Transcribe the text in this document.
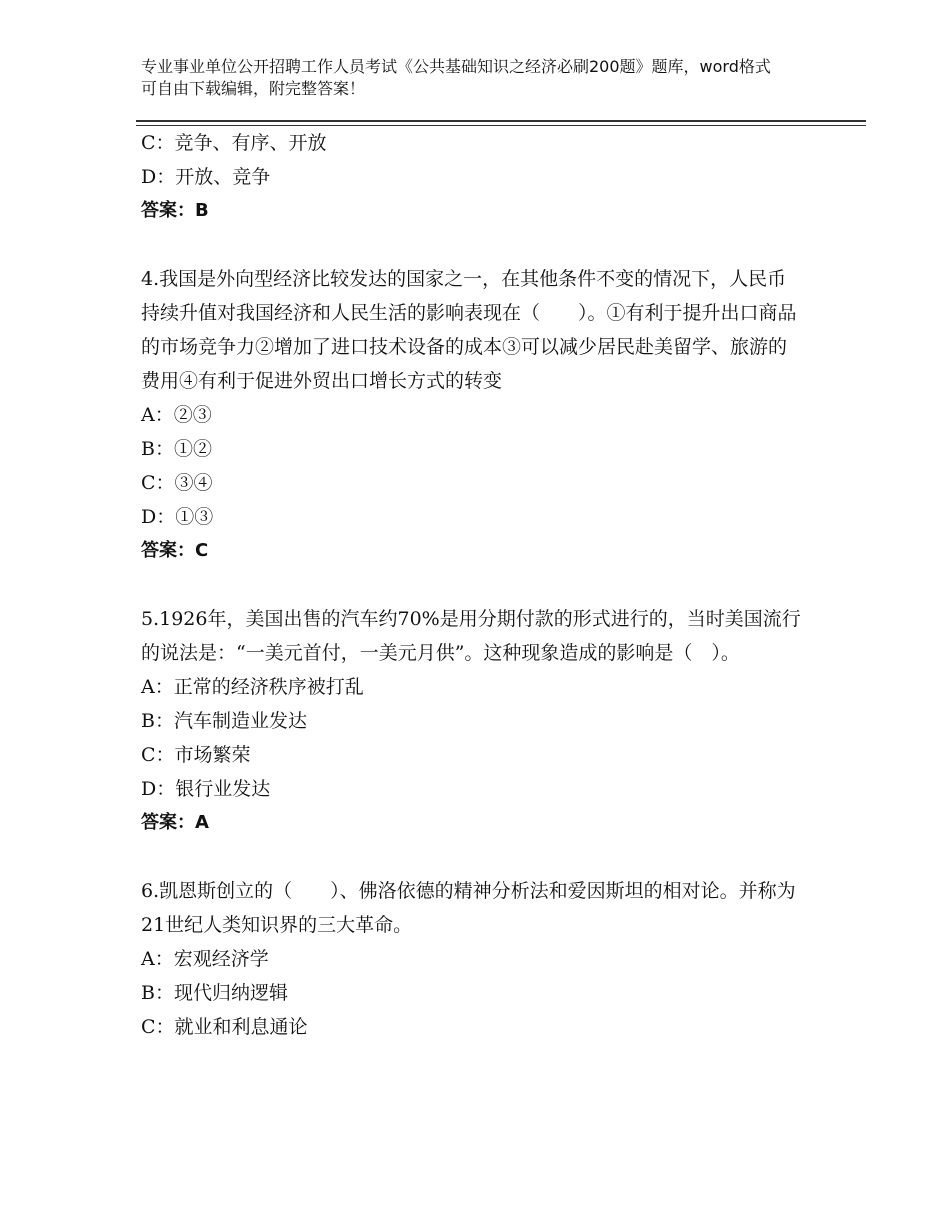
专业事业单位公开招聘工作人员考试《公共基础知识之经济必刷200题》题库，word格式可自由下载编辑，附完整答案！
C：竞争、有序、开放
D：开放、竞争
答案：B
4.我国是外向型经济比较发达的国家之一，在其他条件不变的情况下，人民币持续升值对我国经济和人民生活的影响表现在（　　）。①有利于提升出口商品的市场竞争力②增加了进口技术设备的成本③可以减少居民赴美留学、旅游的费用④有利于促进外贸出口增长方式的转变
A：②③
B：①②
C：③④
D：①③
答案：C
5.1926年，美国出售的汽车约70%是用分期付款的形式进行的，当时美国流行的说法是：“一美元首付，一美元月供”。这种现象造成的影响是（　）。
A：正常的经济秩序被打乱
B：汽车制造业发达
C：市场繁荣
D：银行业发达
答案：A
6.凯恩斯创立的（　　）、佛洛依德的精神分析法和爱因斯坦的相对论。并称为21世纪人类知识界的三大革命。
A：宏观经济学
B：现代归纳逻辑
C：就业和利息通论
